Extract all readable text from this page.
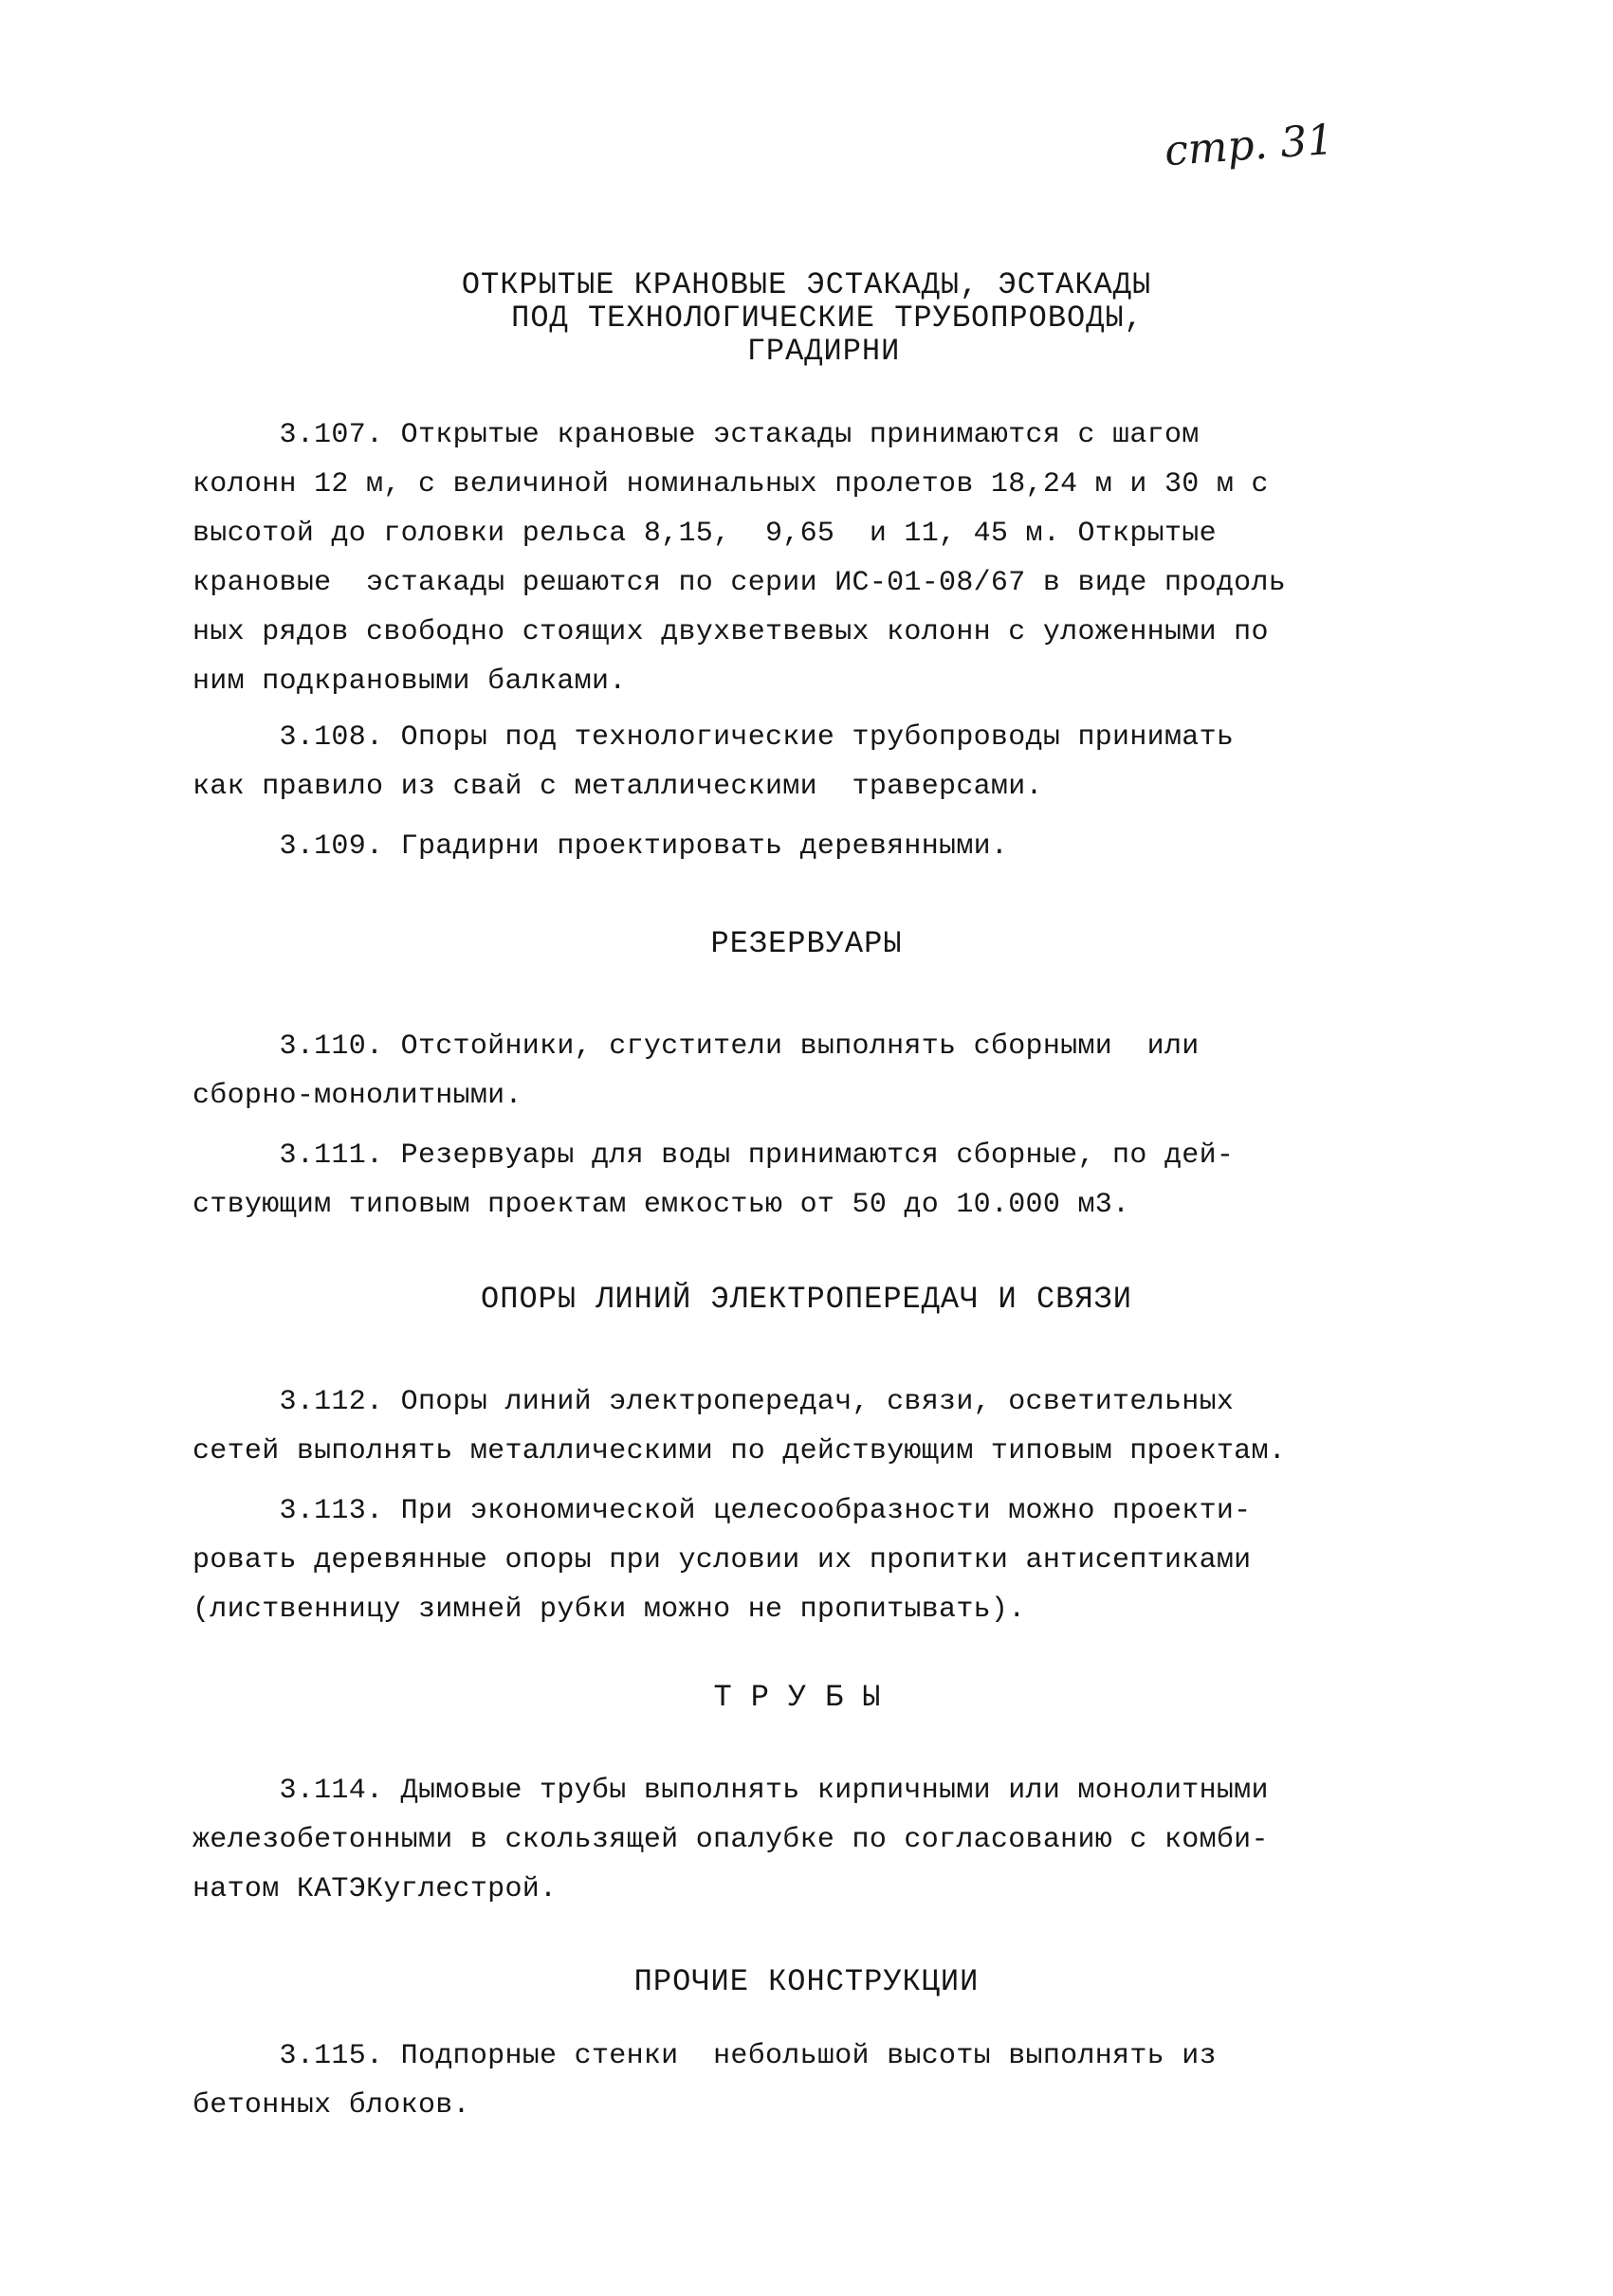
стр. 31
ОТКРЫТЫЕ КРАНОВЫЕ ЭСТАКАДЫ, ЭСТАКАДЫ
ПОД ТЕХНОЛОГИЧЕСКИЕ ТРУБОПРОВОДЫ,
ГРАДИРНИ
3.107. Открытые крановые эстакады принимаются с шагом
колонн 12 м, с величиной номинальных пролетов 18,24 м и 30 м с
высотой до головки рельса 8,15,  9,65  и 11, 45 м. Открытые
крановые  эстакады решаются по серии ИС-01-08/67 в виде продоль
ных рядов свободно стоящих двухветвевых колонн с уложенными по
ним подкрановыми балками.
3.108. Опоры под технологические трубопроводы принимать
как правило из свай с металлическими  траверсами.
3.109. Градирни проектировать деревянными.
РЕЗЕРВУАРЫ
3.110. Отстойники, сгустители выполнять сборными  или
сборно-монолитными.
3.111. Резервуары для воды принимаются сборные, по дей-
ствующим типовым проектам емкостью от 50 до 10.000 м3.
ОПОРЫ ЛИНИЙ ЭЛЕКТРОПЕРЕДАЧ И СВЯЗИ
3.112. Опоры линий электропередач, связи, осветительных
сетей выполнять металлическими по действующим типовым проектам.
3.113. При экономической целесообразности можно проекти-
ровать деревянные опоры при условии их пропитки антисептиками
(лиственницу зимней рубки можно не пропитывать).
ТРУБЫ
3.114. Дымовые трубы выполнять кирпичными или монолитными
железобетонными в скользящей опалубке по согласованию с комби-
натом КАТЭКуглестрой.
ПРОЧИЕ КОНСТРУКЦИИ
3.115. Подпорные стенки  небольшой высоты выполнять из
бетонных блоков.
